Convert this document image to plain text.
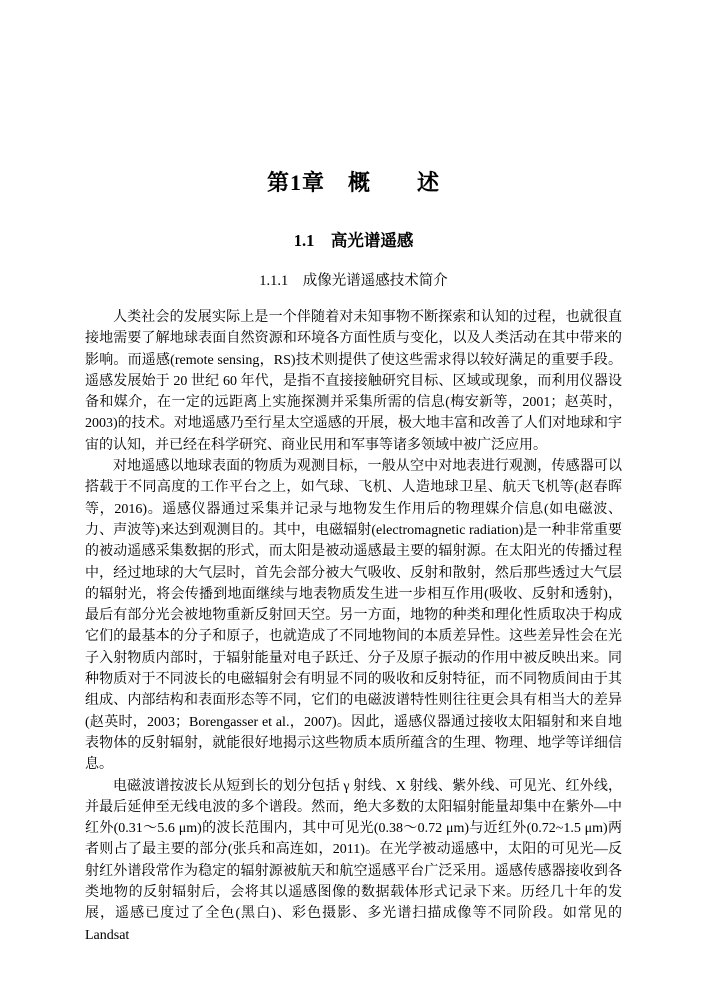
第1章　概　　述
1.1　高光谱遥感
1.1.1　成像光谱遥感技术简介

人类社会的发展实际上是一个伴随着对未知事物不断探索和认知的过程，也就很直接地需要了解地球表面自然资源和环境各方面性质与变化，以及人类活动在其中带来的影响。而遥感(remote sensing，RS)技术则提供了使这些需求得以较好满足的重要手段。遥感发展始于 20 世纪 60 年代，是指不直接接触研究目标、区域或现象，而利用仪器设备和媒介，在一定的远距离上实施探测并采集所需的信息(梅安新等，2001；赵英时，2003)的技术。对地遥感乃至行星太空遥感的开展，极大地丰富和改善了人们对地球和宇宙的认知，并已经在科学研究、商业民用和军事等诸多领域中被广泛应用。

对地遥感以地球表面的物质为观测目标，一般从空中对地表进行观测，传感器可以搭载于不同高度的工作平台之上，如气球、飞机、人造地球卫星、航天飞机等(赵春晖等，2016)。遥感仪器通过采集并记录与地物发生作用后的物理媒介信息(如电磁波、力、声波等)来达到观测目的。其中，电磁辐射(electromagnetic radiation)是一种非常重要的被动遥感采集数据的形式，而太阳是被动遥感最主要的辐射源。在太阳光的传播过程中，经过地球的大气层时，首先会部分被大气吸收、反射和散射，然后那些透过大气层的辐射光，将会传播到地面继续与地表物质发生进一步相互作用(吸收、反射和透射)，最后有部分光会被地物重新反射回天空。另一方面，地物的种类和理化性质取决于构成它们的最基本的分子和原子，也就造成了不同地物间的本质差异性。这些差异性会在光子入射物质内部时，于辐射能量对电子跃迁、分子及原子振动的作用中被反映出来。同种物质对于不同波长的电磁辐射会有明显不同的吸收和反射特征，而不同物质间由于其组成、内部结构和表面形态等不同，它们的电磁波谱特性则往往更会具有相当大的差异(赵英时，2003；Borengasser et al.，2007)。因此，遥感仪器通过接收太阳辐射和来自地表物体的反射辐射，就能很好地揭示这些物质本质所蕴含的生理、物理、地学等详细信息。

电磁波谱按波长从短到长的划分包括 γ 射线、X 射线、紫外线、可见光、红外线，并最后延伸至无线电波的多个谱段。然而，绝大多数的太阳辐射能量却集中在紫外—中红外(0.31～5.6 μm)的波长范围内，其中可见光(0.38～0.72 μm)与近红外(0.72~1.5 μm)两者则占了最主要的部分(张兵和高连如，2011)。在光学被动遥感中，太阳的可见光—反射红外谱段常作为稳定的辐射源被航天和航空遥感平台广泛采用。遥感传感器接收到各类地物的反射辐射后，会将其以遥感图像的数据载体形式记录下来。历经几十年的发展，遥感已度过了全色(黑白)、彩色摄影、多光谱扫描成像等不同阶段。如常见的 Landsat
